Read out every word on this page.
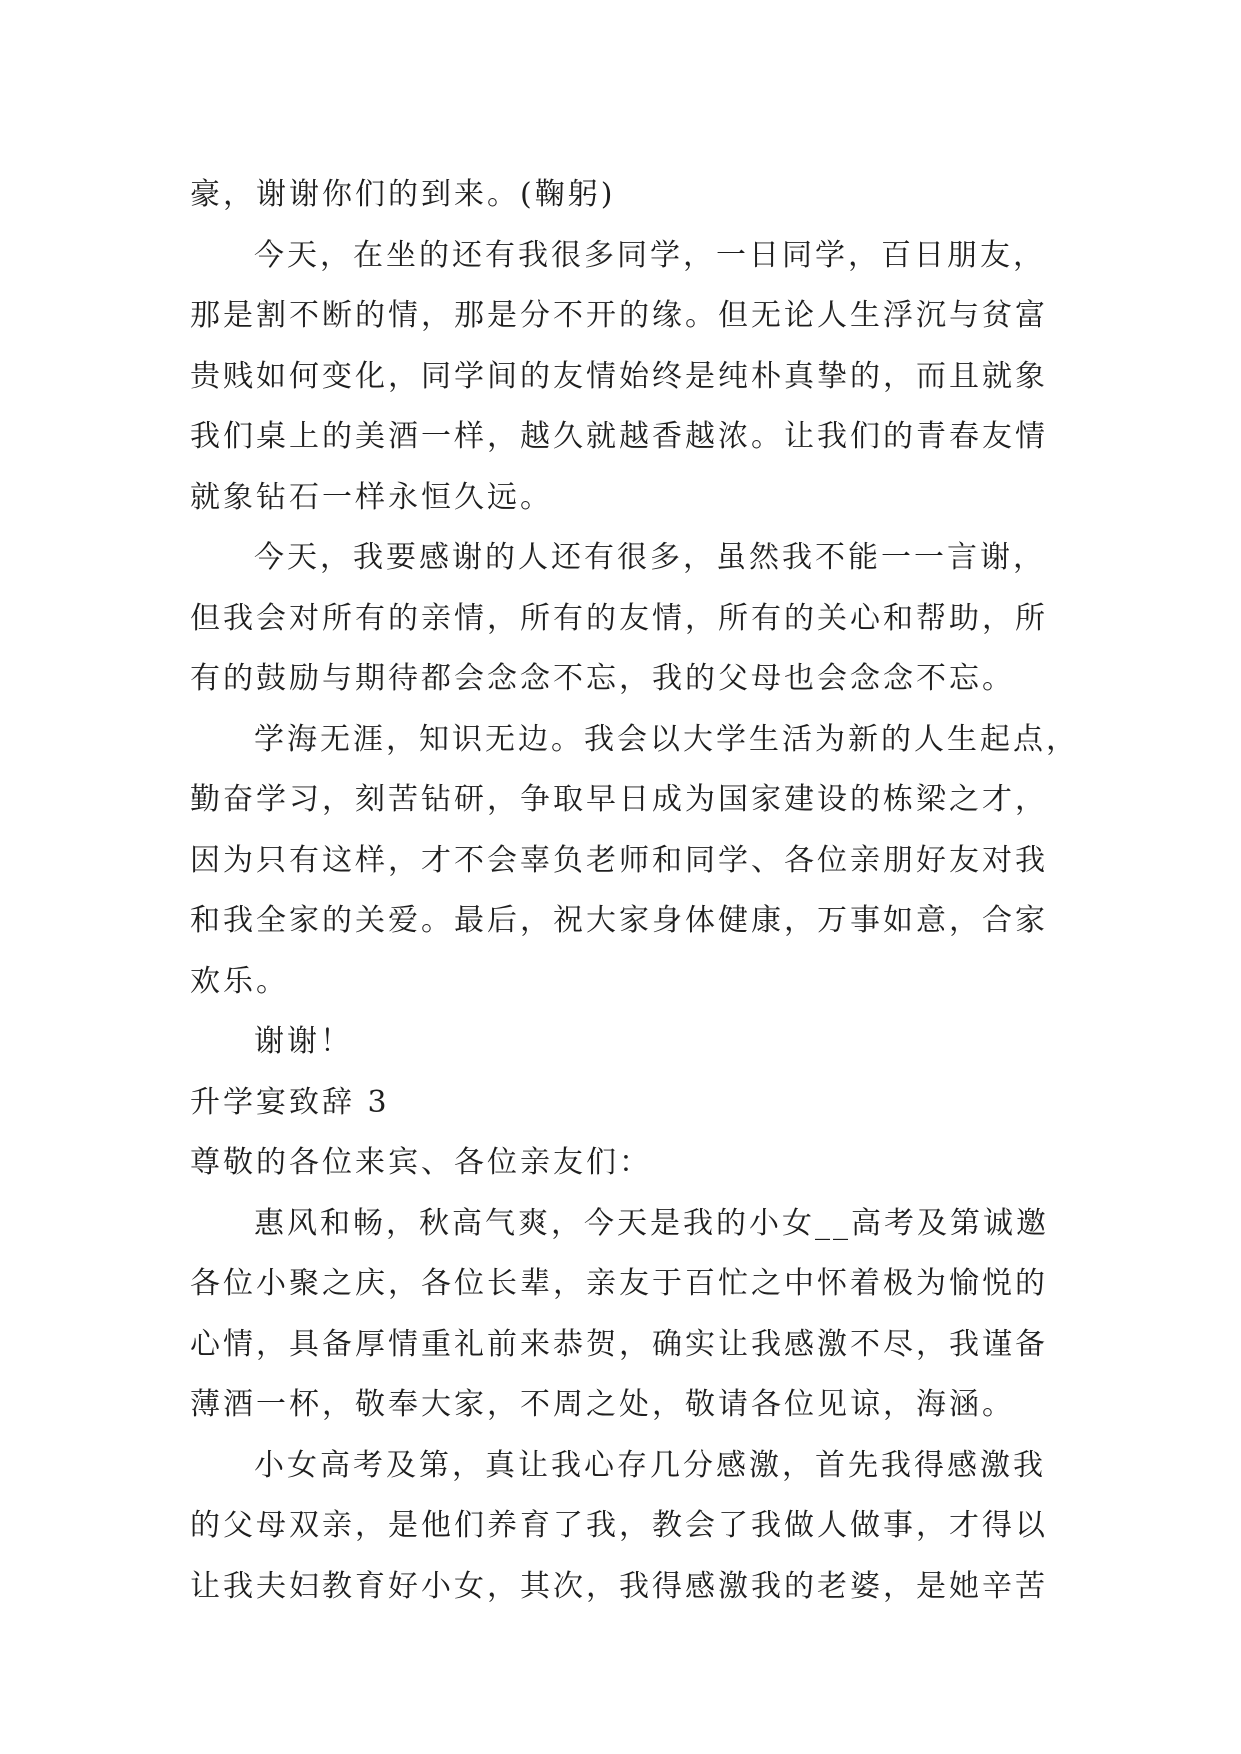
豪，谢谢你们的到来。(鞠躬)
今天，在坐的还有我很多同学，一日同学，百日朋友，
那是割不断的情，那是分不开的缘。但无论人生浮沉与贫富
贵贱如何变化，同学间的友情始终是纯朴真挚的，而且就象
我们桌上的美酒一样，越久就越香越浓。让我们的青春友情
就象钻石一样永恒久远。
今天，我要感谢的人还有很多，虽然我不能一一言谢，
但我会对所有的亲情，所有的友情，所有的关心和帮助，所
有的鼓励与期待都会念念不忘，我的父母也会念念不忘。
学海无涯，知识无边。我会以大学生活为新的人生起点，
勤奋学习，刻苦钻研，争取早日成为国家建设的栋梁之才，
因为只有这样，才不会辜负老师和同学、各位亲朋好友对我
和我全家的关爱。最后，祝大家身体健康，万事如意，合家
欢乐。
谢谢！
升学宴致辞 3
尊敬的各位来宾、各位亲友们：
惠风和畅，秋高气爽，今天是我的小女__高考及第诚邀
各位小聚之庆，各位长辈，亲友于百忙之中怀着极为愉悦的
心情，具备厚情重礼前来恭贺，确实让我感激不尽，我谨备
薄酒一杯，敬奉大家，不周之处，敬请各位见谅，海涵。
小女高考及第，真让我心存几分感激，首先我得感激我
的父母双亲，是他们养育了我，教会了我做人做事，才得以
让我夫妇教育好小女，其次，我得感激我的老婆，是她辛苦
